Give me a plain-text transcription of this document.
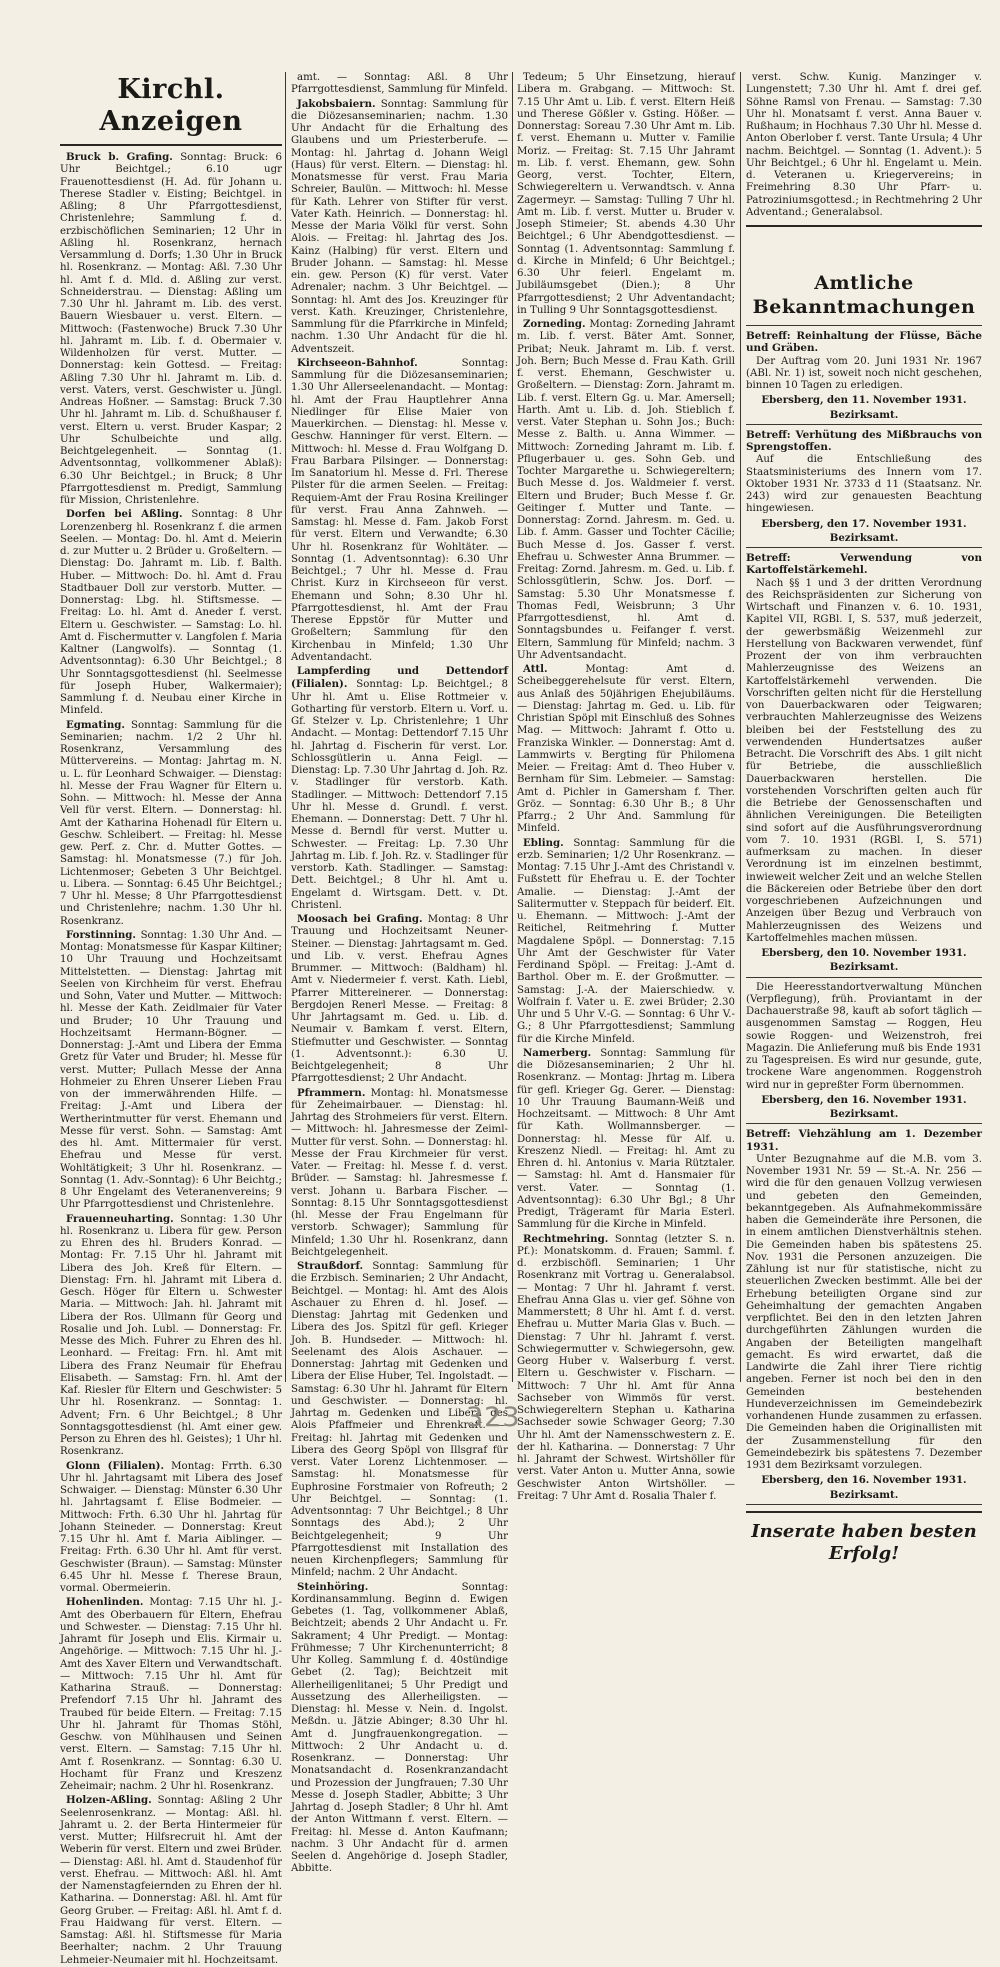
Kirchl. Anzeigen

Bruck b. Grafing. Sonntag: Bruck: 6 Uhr Beichtgel.; 6.10 ugr Frauenottesdienst (H. Ad. für Johann u. Therese Stadler v. Eisting; Beichtgel. in Aßling; 8 Uhr Pfarrgottesdienst, Christenlehre; Sammlung f. d. erzbischöflichen Seminarien; 12 Uhr in Aßling hl. Rosenkranz, hernach Versammlung d. Dorfs; 1.30 Uhr in Bruck hl. Rosenkranz. — Montag: Aßl. 7.30 Uhr hl. Amt f. d. Mld. d. Aßling zur verst. Schneiderstrau. — Dienstag: Aßling um 7.30 Uhr hl. Jahramt m. Lib. des verst. Bauern Wiesbauer u. verst. Eltern. — Mittwoch: (Fastenwoche) Bruck 7.30 Uhr hl. Jahramt m. Lib. f. d. Obermaier v. Wildenholzen für verst. Mutter. — Donnerstag: kein Gottesd. — Freitag: Aßling 7.30 Uhr hl. Jahramt m. Lib. d. verst. Vaters, verst. Geschwister u. Jüngl. Andreas Hoßner. — Samstag: Bruck 7.30 Uhr hl. Jahramt m. Lib. d. Schußhauser f. verst. Eltern u. verst. Bruder Kaspar; 2 Uhr Schulbeichte und allg. Beichtgelegenheit. — Sonntag (1. Adventsonntag, vollkommener Ablaß): 6.30 Uhr Beichtgel.; in Bruck; 8 Uhr Pfarrgottesdienst m. Predigt, Sammlung für Mission, Christenlehre.

Dorfen bei Aßling. Sonntag: 8 Uhr Lorenzenberg hl. Rosenkranz f. die armen Seelen. — Montag: Do. hl. Amt d. Meierin d. zur Mutter u. 2 Brüder u. Großeltern. — Dienstag: Do. Jahramt m. Lib. f. Balth. Huber. — Mittwoch: Do. hl. Amt d. Frau Stadtbauer Doll zur verstorb. Mutter. — Donnerstag: Lbg. hl. Stiftsmesse. — Freitag: Lo. hl. Amt d. Aneder f. verst. Eltern u. Geschwister. — Samstag: Lo. hl. Amt d. Fischermutter v. Langfolen f. Maria Kaltner (Langwolfs). — Sonntag (1. Adventsonntag): 6.30 Uhr Beichtgel.; 8 Uhr Sonntagsgottesdienst (hl. Seelmesse für Joseph Huber, Walkermaier); Sammlung f. d. Neubau einer Kirche in Minfeld.

Egmating. Sonntag: Sammlung für die Seminarien; nachm. 1/2 2 Uhr hl. Rosenkranz, Versammlung des Müttervereins. — Montag: Jahrtag m. N. u. L. für Leonhard Schwaiger. — Dienstag: hl. Messe der Frau Wagner für Eltern u. Sohn. — Mittwoch: hl. Messe der Anna Vell für verst. Eltern. — Donnerstag: hl. Amt der Katharina Hohenadl für Eltern u. Geschw. Schleibert. — Freitag: hl. Messe gew. Perf. z. Chr. d. Mutter Gottes. — Samstag: hl. Monatsmesse (7.) für Joh. Lichtenmoser; Gebeten 3 Uhr Beichtgel. u. Libera. — Sonntag: 6.45 Uhr Beichtgel.; 7 Uhr hl. Messe; 8 Uhr Pfarrgottesdienst und Christenlehre; nachm. 1.30 Uhr hl. Rosenkranz.

Forstinning. Sonntag: 1.30 Uhr And. — Montag: Monatsmesse für Kaspar Kiltiner; 10 Uhr Trauung und Hochzeitsamt Mittelstetten. — Dienstag: Jahrtag mit Seelen von Kirchheim für verst. Ehefrau und Sohn, Vater und Mutter. — Mittwoch: hl. Messe der Kath. Zeidlmaier für Vater und Bruder; 10 Uhr Trauung und Hochzeitsamt Hermann-Bögner. — Donnerstag: J.-Amt und Libera der Emma Gretz für Vater und Bruder; hl. Messe für verst. Mutter; Pullach Messe der Anna Hohmeier zu Ehren Unserer Lieben Frau von der immerwährenden Hilfe. — Freitag: J.-Amt und Libera der Wertherintmutter für verst. Ehemann und Messe für verst. Sohn. — Samstag: Amt des hl. Amt. Mittermaier für verst. Ehefrau und Messe für verst. Wohltätigkeit; 3 Uhr hl. Rosenkranz. — Sonntag (1. Adv.-Sonntag): 6 Uhr Beichtg.; 8 Uhr Engelamt des Veteranenvereins; 9 Uhr Pfarrgottesdienst und Christenlehre.

Frauenneuharting. Sonntag: 1.30 Uhr hl. Rosenkranz u. Libera für gew. Person zu Ehren des hl. Bruders Konrad. — Montag: Fr. 7.15 Uhr hl. Jahramt mit Libera des Joh. Kreß für Eltern. — Dienstag: Frn. hl. Jahramt mit Libera d. Gesch. Höger für Eltern u. Schwester Maria. — Mittwoch: Jah. hl. Jahramt mit Libera der Ros. Ullmann für Georg und Rosalie und Joh. Lubl. — Donnerstag: Fr. Messe des Mich. Fuhrer zu Ehren des hl. Leonhard. — Freitag: Frn. hl. Amt mit Libera des Franz Neumair für Ehefrau Elisabeth. — Samstag: Frn. hl. Amt der Kaf. Riesler für Eltern und Geschwister: 5 Uhr hl. Rosenkranz. — Sonntag: 1. Advent; Frn. 6 Uhr Beichtgel.; 8 Uhr Sonntagsgottesdienst (hl. Amt einer gew. Person zu Ehren des hl. Geistes); 1 Uhr hl. Rosenkranz.

Glonn (Filialen). Montag: Frrth. 6.30 Uhr hl. Jahrtagsamt mit Libera des Josef Schwaiger. — Dienstag: Münster 6.30 Uhr hl. Jahrtagsamt f. Elise Bodmeier. — Mittwoch: Frth. 6.30 Uhr hl. Jahrtag für Johann Steineder. — Donnerstag: Kreut 7.15 Uhr hl. Amt f. Maria Aiblinger. — Freitag: Frth. 6.30 Uhr hl. Amt für verst. Geschwister (Braun). — Samstag: Münster 6.45 Uhr hl. Messe f. Therese Braun, vormal. Obermeierin.

Hohenlinden. Montag: 7.15 Uhr hl. J.-Amt des Oberbauern für Eltern, Ehefrau und Schwester. — Dienstag: 7.15 Uhr hl. Jahramt für Joseph und Elis. Kirmair u. Angehörige. — Mittwoch: 7.15 Uhr hl. J.-Amt des Xaver Eltern und Verwandtschaft. — Mittwoch: 7.15 Uhr hl. Amt für Katharina Strauß. — Donnerstag: Prefendorf 7.15 Uhr hl. Jahramt des Traubed für beide Eltern. — Freitag: 7.15 Uhr hl. Jahramt für Thomas Stöhl, Geschw. von Mühlhausen und Seinen verst. Eltern. — Samstag: 7.15 Uhr hl. Amt f. Rosenkranz. — Sonntag: 6.30 U. Hochamt für Franz und Kreszenz Zeheimair; nachm. 2 Uhr hl. Rosenkranz.

Holzen-Aßling. Sonntag: Aßling 2 Uhr Seelenrosenkranz. — Montag: Aßl. hl. Jahramt u. 2. der Berta Hintermeier für verst. Mutter; Hilfsrecruit hl. Amt der Weberin für verst. Eltern und zwei Brüder. — Dienstag: Aßl. hl. Amt d. Staudenhof für verst. Ehefrau. — Mittwoch: Aßl. hl. Amt der Namenstagfeiernden zu Ehren der hl. Katharina. — Donnerstag: Aßl. hl. Amt für Georg Gruber. — Freitag: Aßl. hl. Amt f. d. Frau Haidwang für verst. Eltern. — Samstag: Aßl. hl. Stiftsmesse für Maria Beerhalter; nachm. 2 Uhr Trauung Lehmeier-Neumaier mit hl. Hochzeitsamt.

amt. — Sonntag: Aßl. 8 Uhr Pfarrgottesdienst, Sammlung für Minfeld.

Jakobsbaiern. Sonntag: Sammlung für die Diözesanseminarien; nachm. 1.30 Uhr Andacht für die Erhaltung des Glaubens und um Priesterberufe. — Montag: hl. Jahrtag d. Johann Weigl (Haus) für verst. Eltern. — Dienstag: hl. Monatsmesse für verst. Frau Maria Schreier, Baulün. — Mittwoch: hl. Messe für Kath. Lehrer von Stifter für verst. Vater Kath. Heinrich. — Donnerstag: hl. Messe der Maria Völkl für verst. Sohn Alois. — Freitag: hl. Jahrtag des Jos. Kainz (Halbing) für verst. Eltern und Bruder Johann. — Samstag: hl. Messe ein. gew. Person (K) für verst. Vater Adrenaler; nachm. 3 Uhr Beichtgel. — Sonntag: hl. Amt des Jos. Kreuzinger für verst. Kath. Kreuzinger, Christenlehre, Sammlung für die Pfarrkirche in Minfeld; nachm. 1.30 Uhr Andacht für die hl. Adventszeit.

Kirchseeon-Bahnhof.	Sonntag: Sammlung für die Diözesanseminarien; 1.30 Uhr Allerseelenandacht. — Montag: hl. Amt der Frau Hauptlehrer Anna Niedlinger für Elise Maier von Mauerkirchen. — Dienstag: hl. Messe v. Geschw. Hanninger für verst. Eltern. — Mittwoch: hl. Messe d. Frau Wolfgang D. Frau Barbara Pilsinger. — Donnerstag: Im Sanatorium hl. Messe d. Frl. Therese Pilster für die armen Seelen. — Freitag: Requiem-Amt der Frau Rosina Kreilinger für verst. Frau Anna Zahnweh. — Samstag: hl. Messe d. Fam. Jakob Forst für verst. Eltern und Verwandte; 6.30 Uhr hl. Rosenkranz für Wohltäter. — Sonntag (1. Adventsonntag): 6.30 Uhr Beichtgel.; 7 Uhr hl. Messe d. Frau Christ. Kurz in Kirchseeon für verst. Ehemann und Sohn; 8.30 Uhr hl. Pfarrgottesdienst, hl. Amt der Frau Therese Eppstör für Mutter und Großeltern; Sammlung für den Kirchenbau in Minfeld; 1.30 Uhr Adventandacht.

Lampferding und Dettendorf (Filialen). Sonntag: Lp. Beichtgel.; 8 Uhr hl. Amt u. Elise Rottmeier v. Gotharting für verstorb. Eltern u. Vorf. u. Gf. Stelzer v. Lp. Christenlehre; 1 Uhr Andacht. — Montag: Dettendorf 7.15 Uhr hl. Jahrtag d. Fischerin für verst. Lor. Schlossgütlerin u. Anna Feigl. — Dienstag: Lp. 7.30 Uhr Jahrtag d. Joh. Rz. v. Stadlinger für verstorb. Kath. Stadlinger. — Mittwoch: Dettendorf 7.15 Uhr hl. Messe d. Grundl. f. verst. Ehemann. — Donnerstag: Dett. 7 Uhr hl. Messe d. Berndl für verst. Mutter u. Schwester. — Freitag: Lp. 7.30 Uhr Jahrtag m. Lib. f. Joh. Rz. v. Stadlinger für verstorb. Kath. Stadlinger. — Samstag: Dett. Beichtgel.; 8 Uhr hl. Amt u. Engelamt d. Wirtsgam. Dett. v. Dt. Christenl.

Moosach bei Grafing. Montag: 8 Uhr Trauung und Hochzeitsamt Neuner-Steiner. — Dienstag: Jahrtagsamt m. Ged. und Lib. v. verst. Ehefrau Agnes Brummer. — Mittwoch: (Baldham) hl. Amt v. Niedermeier f. verst. Kath. Liebl, Pfarrer Mittereinerer. — Donnerstag: Bergdojen Renerl Messe. — Freitag: 8 Uhr Jahrtagsamt m. Ged. u. Lib. d. Neumair v. Bamkam f. verst. Eltern, Stiefmutter und Geschwister. — Sonntag (1. Adventsonnt.): 6.30 U. Beichtgelegenheit; 8 Uhr Pfarrgottesdienst; 2 Uhr Andacht.

Pframmern. Montag: hl. Monatsmesse für Zeheimairbauer. — Dienstag: hl. Jahrtag des Strohmeiers für verst. Eltern. — Mittwoch: hl. Jahresmesse der Zeiml-Mutter für verst. Sohn. — Donnerstag: hl. Messe der Frau Kirchmeier für verst. Vater. — Freitag: hl. Messe f. d. verst. Brüder. — Samstag: hl. Jahresmesse f. verst. Johann u. Barbara Fischer. — Sonntag: 8.15 Uhr Sonntagsgottesdienst (hl. Messe der Frau Engelmann für verstorb. Schwager); Sammlung für Minfeld; 1.30 Uhr hl. Rosenkranz, dann Beichtgelegenheit.

Straußdorf. Sonntag: Sammlung für die Erzbisch. Seminarien; 2 Uhr Andacht, Beichtgel. — Montag: hl. Amt des Alois Aschauer zu Ehren d. hl. Josef. — Dienstag: Jahrtag mit Gedenken und Libera des Jos. Spitzl für gefl. Krieger Joh. B. Hundseder. — Mittwoch: hl. Seelenamt des Alois Aschauer. — Donnerstag: Jahrtag mit Gedenken und Libera der Elise Huber, Tel. Ingolstadt. — Samstag: 6.30 Uhr hl. Jahramt für Eltern und Geschwister. — Donnerstag: hl. Jahrtag m. Gedenken und Libera des Alois Pfaffmeier und Ehrenkraft. — Freitag: hl. Jahrtag mit Gedenken und Libera des Georg Spöpl von Illsgraf für verst. Vater Lorenz Lichtenmoser. — Samstag: hl. Monatsmesse für Euphrosine Forstmaier von Rofreuth; 2 Uhr Beichtgel. — Sonntag: (1. Adventsonntag: 7 Uhr Beichtgel.; 8 Uhr Sonntags des Abd.); 2 Uhr Beichtgelegenheit; 9 Uhr Pfarrgottesdienst mit Installation des neuen Kirchenpflegers; Sammlung für Minfeld; nachm. 2 Uhr Andacht.

Steinhöring.	Sonntag: Kordinansammlung. Beginn d. Ewigen Gebetes (1. Tag, vollkommener Ablaß, Beichtzeit; abends 2 Uhr Andacht u. Fr. Sakrament; 4 Uhr Predigt. — Montag: Frühmesse; 7 Uhr Kirchenunterricht; 8 Uhr Kolleg. Sammlung f. d. 40stündige Gebet (2. Tag); Beichtzeit mit Allerheiligenlitanei; 5 Uhr Predigt und Aussetzung des Allerheiligsten. — Dienstag: hl. Messe v. Nein. d. Ingolst. Meßdn. u. Jätzie Abinger; 8.30 Uhr hl. Amt d. Jungfrauenkongregation. — Mittwoch: 2 Uhr Andacht u. d. Rosenkranz. — Donnerstag: Uhr Monatsandacht d. Rosenkranzandacht und Prozession der Jungfrauen; 7.30 Uhr Messe d. Joseph Stadler, Abbitte; 3 Uhr Jahrtag d. Joseph Stadler; 8 Uhr hl. Amt der Anton Wittmann f. verst. Eltern. — Freitag: hl. Messe d. Anton Kaufmann; nachm. 3 Uhr Andacht für d. armen Seelen d. Angehörige d. Joseph Stadler, Abbitte.

Tedeum; 5 Uhr Einsetzung, hierauf Libera m. Grabgang. — Mittwoch: St. 7.15 Uhr Amt u. Lib. f. verst. Eltern Heiß und Therese Gößler v. Gsting. Hößer. — Donnerstag: Soreau 7.30 Uhr Amt m. Lib. f. verst. Ehemann u. Mutter v. Familie Moriz. — Freitag: St. 7.15 Uhr Jahramt m. Lib. f. verst. Ehemann, gew. Sohn Georg, verst. Tochter, Eltern, Schwiegereltern u. Verwandtsch. v. Anna Zagermeyr. — Samstag: Tulling 7 Uhr hl. Amt m. Lib. f. verst. Mutter u. Bruder v. Joseph Stimeier; St. abends 4.30 Uhr Beichtgel.; 6 Uhr Abendgottesdienst. — Sonntag (1. Adventsonntag: Sammlung f. d. Kirche in Minfeld; 6 Uhr Beichtgel.; 6.30 Uhr feierl. Engelamt m. Jubiläumsgebet (Dien.); 8 Uhr Pfarrgottesdienst; 2 Uhr Adventandacht; in Tulling 9 Uhr Sonntagsgottesdienst.

Zorneding. Montag: Zorneding Jahramt m. Lib. f. verst. Bäter Amt. Sonner, Pribat; Neuk. Jahramt m. Lib. f. verst. Joh. Bern; Buch Messe d. Frau Kath. Grill f. verst. Ehemann, Geschwister u. Großeltern. — Dienstag: Zorn. Jahramt m. Lib. f. verst. Eltern Gg. u. Mar. Amersell; Harth. Amt u. Lib. d. Joh. Stieblich f. verst. Vater Stephan u. Sohn Jos.; Buch: Messe z. Balth. u. Anna Wimmer. — Mittwoch: Zorneding Jahramt m. Lib. f. Pflugerbauer u. ges. Sohn Geb. und Tochter Margarethe u. Schwiegereltern; Buch Messe d. Jos. Waldmeier f. verst. Eltern und Bruder; Buch Messe f. Gr. Geitinger f. Mutter und Tante. — Donnerstag: Zornd. Jahresm. m. Ged. u. Lib. f. Amm. Gasser und Tochter Cäcilie; Buch Messe d. Jos. Gasser f. verst. Ehefrau u. Schwester Anna Brummer. — Freitag: Zornd. Jahresm. m. Ged. u. Lib. f. Schlossgütlerin, Schw. Jos. Dorf. — Samstag: 5.30 Uhr Monatsmesse f. Thomas Fedl, Weisbrunn; 3 Uhr Pfarrgottesdienst, hl. Amt d. Sonntagsbundes u. Feifanger f. verst. Eltern, Sammlung für Minfeld; nachm. 3 Uhr Adventsandacht.

Attl.	Montag: Amt d. Scheibeggerehelsute für verst. Eltern, aus Anlaß des 50jährigen Ehejubiläums. — Dienstag: Jahrtag m. Ged. u. Lib. für Christian Spöpl mit Einschluß des Sohnes Mag. — Mittwoch: Jahramt f. Otto u. Franziska Winkler. — Donnerstag: Amt d. Lammwirts v. Bergting für Philomena Meier. — Freitag: Amt d. Theo Huber v. Bernham für Sim. Lebmeier. — Samstag: Amt d. Pichler in Gamersham f. Ther. Gröz. — Sonntag: 6.30 Uhr B.; 8 Uhr Pfarrg.; 2 Uhr And. Sammlung für Minfeld.

Ebling. Sonntag: Sammlung für die erzb. Seminarien; 1/2 Uhr Rosenkranz. — Montag: 7.15 Uhr J.-Amt des Christandl v. Fußstett für Ehefrau u. E. der Tochter Amalie. — Dienstag: J.-Amt der Salitermutter v. Steppach für beiderf. Elt. u. Ehemann. — Mittwoch: J.-Amt der Reitichel, Reitmehring f. Mutter Magdalene Spöpl. — Donnerstag: 7.15 Uhr Amt der Geschwister für Vater Ferdinand Spöpl. — Freitag: J.-Amt d. Barthol. Ober m. E. der Großmutter. — Samstag: J.-A. der Maierschiedw. v. Wolfrain f. Vater u. E. zwei Brüder; 2.30 Uhr und 5 Uhr V.-G. — Sonntag: 6 Uhr V.-G.; 8 Uhr Pfarrgottesdienst; Sammlung für die Kirche Minfeld.

Namerberg. Sonntag: Sammlung für die Diözesanseminarien; 2 Uhr hl. Rosenkranz. — Montag: Jhrtag m. Libera für gefl. Krieger Gg. Gerer. — Dienstag: 10 Uhr Trauung Baumann-Weiß und Hochzeitsamt. — Mittwoch: 8 Uhr Amt für Kath. Wollmannsberger. — Donnerstag: hl. Messe für Alf. u. Kreszenz Niedl. — Freitag: hl. Amt zu Ehren d. hl. Antonius v. Maria Rütztaler. — Samstag: hl. Amt d. Hansmaier für verst. Vater. — Sonntag (1. Adventsonntag): 6.30 Uhr Bgl.; 8 Uhr Predigt, Trägeramt für Maria Esterl. Sammlung für die Kirche in Minfeld.

Rechtmehring. Sonntag (letzter S. n. Pf.): Monatskomm. d. Frauen; Samml. f. d. erzbischöfl. Seminarien; 1 Uhr Rosenkranz mit Vortrag u. Generalabsol. — Montag: 7 Uhr hl. Jahramt f. verst. Ehefrau Anna Glas u. vier gef. Söhne von Mammerstett; 8 Uhr hl. Amt f. d. verst. Ehefrau u. Mutter Maria Glas v. Buch. — Dienstag: 7 Uhr hl. Jahramt f. verst. Schwiegermutter v. Schwiegersohn, gew. Georg Huber v. Walserburg f. verst. Eltern u. Geschwister v. Fischarn. — Mittwoch: 7 Uhr hl. Amt für Anna Sachseber von Wimmös für verst. Schwiegereltern Stephan u. Katharina Sachseder sowie Schwager Georg; 7.30 Uhr hl. Amt der Namensschwestern z. E. der hl. Katharina. — Donnerstag: 7 Uhr hl. Jahramt der Schwest. Wirtshöller für verst. Vater Anton u. Mutter Anna, sowie Geschwister Anton Wirtshöller. — Freitag: 7 Uhr Amt d. Rosalia Thaler f.

verst. Schw. Kunig. Manzinger v. Lungenstett; 7.30 Uhr hl. Amt f. drei gef. Söhne Ramsl von Frenau. — Samstag: 7.30 Uhr hl. Monatsamt f. verst. Anna Bauer v. Rußhaum; in Hochhaus 7.30 Uhr hl. Messe d. Anton Oberlober f. verst. Tante Ursula; 4 Uhr nachm. Beichtgel. — Sonntag (1. Advent.): 5 Uhr Beichtgel.; 6 Uhr hl. Engelamt u. Mein. d. Veteranen u. Kriegervereins; in Freimehring 8.30 Uhr Pfarr- u. Patroziniumsgottesd.; in Rechtmehring 2 Uhr Adventand.; Generalabsol.

Amtliche Bekanntmachungen

Betreff: Reinhaltung der Flüsse, Bäche und Gräben.

Der Auftrag vom 20. Juni 1931 Nr. 1967 (ABl. Nr. 1) ist, soweit noch nicht geschehen, binnen 10 Tagen zu erledigen.

Ebersberg, den 11. November 1931.

Bezirksamt.

Betreff: Verhütung des Mißbrauchs von Sprengstoffen.

Auf die Entschließung des Staatsministeriums des Innern vom 17. Oktober 1931 Nr. 3733 d 11 (Staatsanz. Nr. 243) wird zur genauesten Beachtung hingewiesen.

Ebersberg, den 17. November 1931.

Bezirksamt.

Betreff: Verwendung von Kartoffelstärkemehl.

Nach §§ 1 und 3 der dritten Verordnung des Reichspräsidenten zur Sicherung von Wirtschaft und Finanzen v. 6. 10. 1931, Kapitel VII, RGBl. I, S. 537, muß jederzeit, der gewerbsmäßig Weizenmehl zur Herstellung von Backwaren verwendet, fünf Prozent der von ihm verbrauchten Mahlerzeugnisse des Weizens an Kartoffelstärkemehl verwenden. Die Vorschriften gelten nicht für die Herstellung von Dauerbackwaren oder Teigwaren; verbrauchten Mahlerzeugnisse des Weizens bleiben bei der Feststellung des zu verwendenden Hundertsatzes außer Betracht. Die Vorschrift des Abs. 1 gilt nicht für Betriebe, die ausschließlich Dauerbackwaren herstellen. Die vorstehenden Vorschriften gelten auch für die Betriebe der Genossenschaften und ähnlichen Vereinigungen. Die Beteiligten sind sofort auf die Ausführungsverordnung vom 7. 10. 1931 (RGBl. I, S. 571) aufmerksam zu machen. In dieser Verordnung ist im einzelnen bestimmt, inwieweit welcher Zeit und an welche Stellen die Bäckereien oder Betriebe über den dort vorgeschriebenen Aufzeichnungen und Anzeigen über Bezug und Verbrauch von Mahlerzeugnissen des Weizens und Kartoffelmehles machen müssen.

Ebersberg, den 10. November 1931.

Bezirksamt.

Die Heeresstandortverwaltung München (Verpflegung), früh. Proviantamt in der Dachauerstraße 98, kauft ab sofort täglich — ausgenommen Samstag — Roggen, Heu sowie Roggen- und Weizenstroh, frei Magazin. Die Anlieferung muß bis Ende 1931 zu Tagespreisen. Es wird nur gesunde, gute, trockene Ware angenommen. Roggenstroh wird nur in gepreßter Form übernommen.

Ebersberg, den 16. November 1931.

Bezirksamt.

Betreff: Viehzählung am 1. Dezember 1931.

Unter Bezugnahme auf die M.B. vom 3. November 1931 Nr. 59 — St.-A. Nr. 256 — wird die für den genauen Vollzug verwiesen und gebeten den Gemeinden, bekanntgegeben. Als Aufnahmekommissäre haben die Gemeinderäte ihre Personen, die in einem amtlichen Dienstverhältnis stehen. Die Gemeinden haben bis spätestens 25. Nov. 1931 die Personen anzuzeigen. Die Zählung ist nur für statistische, nicht zu steuerlichen Zwecken bestimmt. Alle bei der Erhebung beteiligten Organe sind zur Geheimhaltung der gemachten Angaben verpflichtet. Bei den in den letzten Jahren durchgeführten Zählungen wurden die Angaben der Beteiligten mangelhaft gemacht. Es wird erwartet, daß die Landwirte die Zahl ihrer Tiere richtig angeben. Ferner ist noch bei den in den Gemeinden bestehenden Hundeverzeichnissen im Gemeindebezirk vorhandenen Hunde zusammen zu erfassen. Die Gemeinden haben die Originallisten mit der Zusammenstellung für den Gemeindebezirk bis spätestens 7. Dezember 1931 dem Bezirksamt vorzulegen.

Ebersberg, den 16. November 1931.

Bezirksamt.

Inserate haben besten Erfolg!
323
